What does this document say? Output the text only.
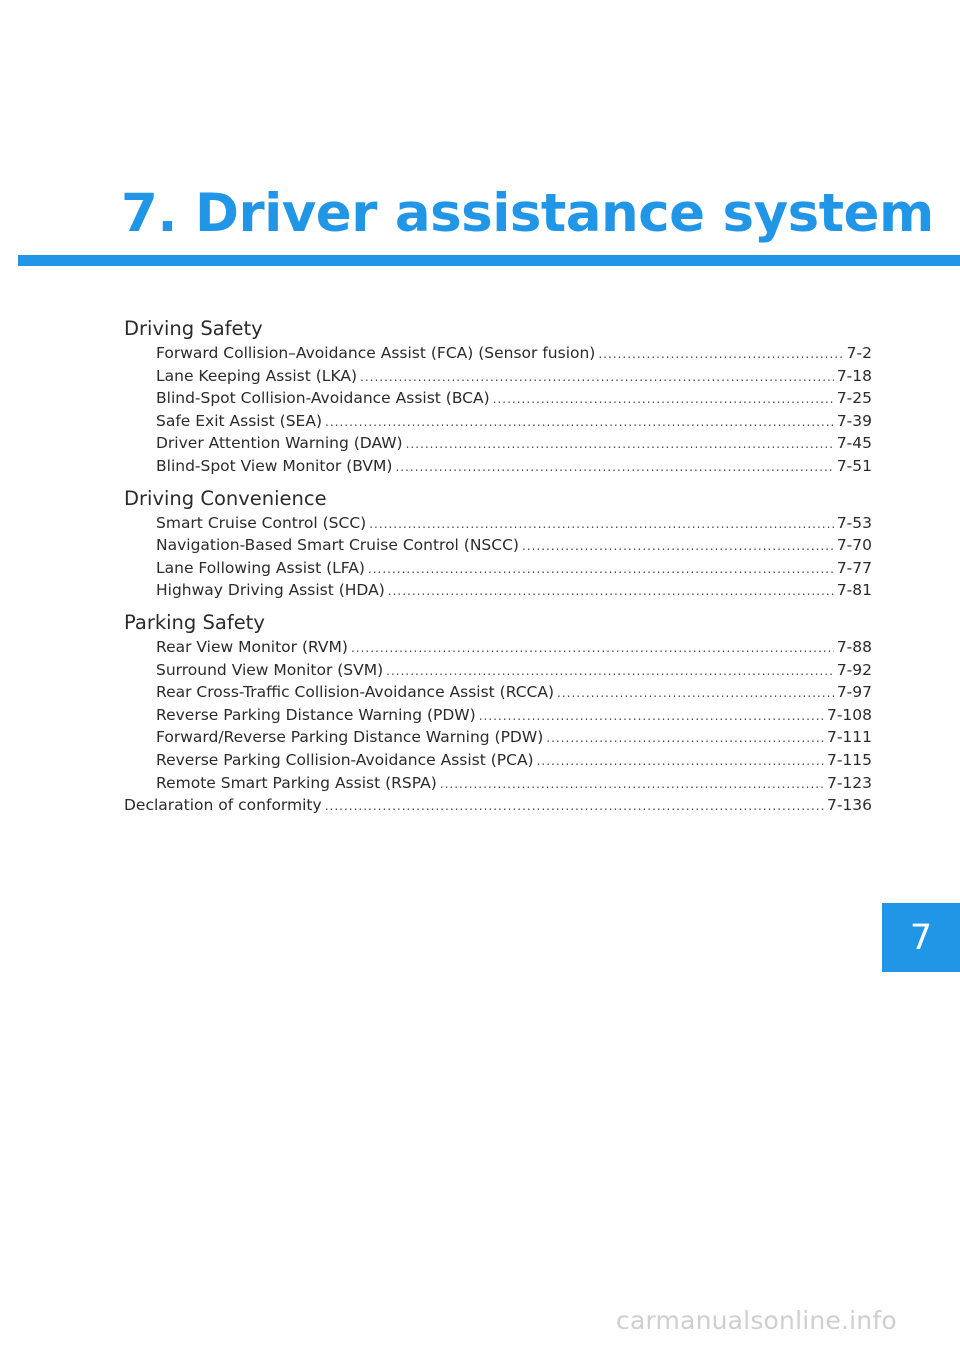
7. Driver assistance system
Driving Safety
Forward Collision–Avoidance Assist (FCA) (Sensor fusion) .....	7-2
Lane Keeping Assist (LKA) .....	7-18
Blind-Spot Collision-Avoidance Assist (BCA) .....	7-25
Safe Exit Assist (SEA) .....	7-39
Driver Attention Warning (DAW) .....	7-45
Blind-Spot View Monitor (BVM) .....	7-51
Driving Convenience
Smart Cruise Control (SCC) .....	7-53
Navigation-Based Smart Cruise Control (NSCC) .....	7-70
Lane Following Assist (LFA) .....	7-77
Highway Driving Assist (HDA) .....	7-81
Parking Safety
Rear View Monitor (RVM) .....	7-88
Surround View Monitor (SVM) .....	7-92
Rear Cross-Traffic Collision-Avoidance Assist (RCCA) .....	7-97
Reverse Parking Distance Warning (PDW) .....	7-108
Forward/Reverse Parking Distance Warning (PDW) .....	7-111
Reverse Parking Collision-Avoidance Assist (PCA) .....	7-115
Remote Smart Parking Assist (RSPA) .....	7-123
Declaration of conformity .....	7-136
7
carmanualsonline.info
